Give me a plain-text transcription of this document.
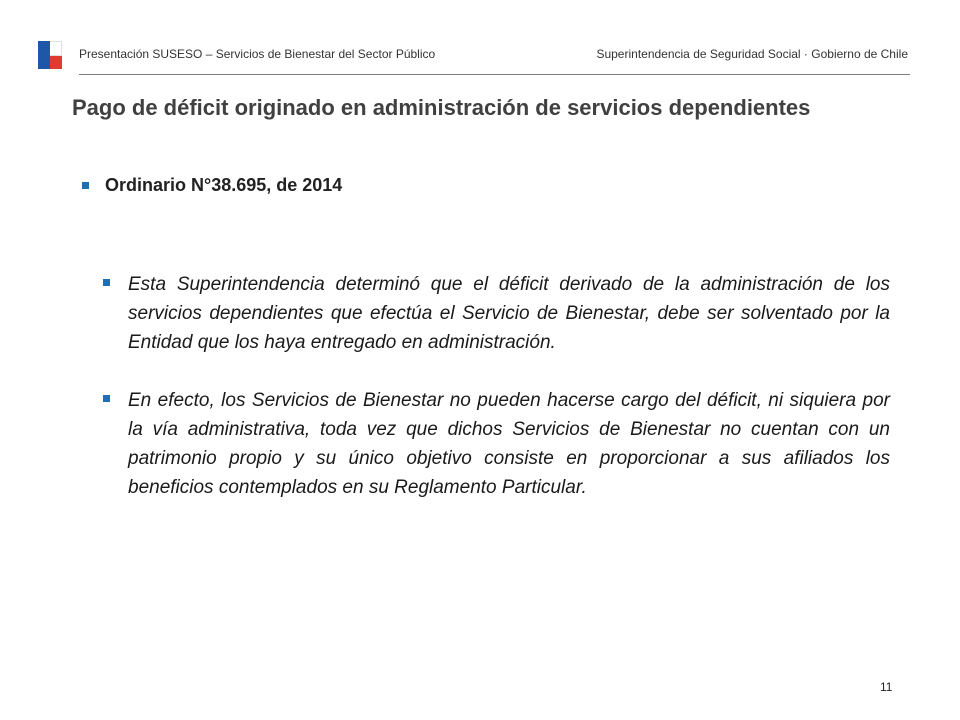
Presentación SUSESO – Servicios de Bienestar del Sector Público	Superintendencia de Seguridad Social · Gobierno de Chile
Pago de déficit originado en administración de servicios dependientes
Ordinario N°38.695, de 2014

Esta Superintendencia determinó que el déficit derivado de la administración de los servicios dependientes que efectúa el Servicio de Bienestar, debe ser solventado por la Entidad que los haya entregado en administración.

En efecto, los Servicios de Bienestar no pueden hacerse cargo del déficit, ni siquiera por la vía administrativa, toda vez que dichos Servicios de Bienestar no cuentan con un patrimonio propio y su único objetivo consiste en proporcionar a sus afiliados los beneficios contemplados en su Reglamento Particular.

11
